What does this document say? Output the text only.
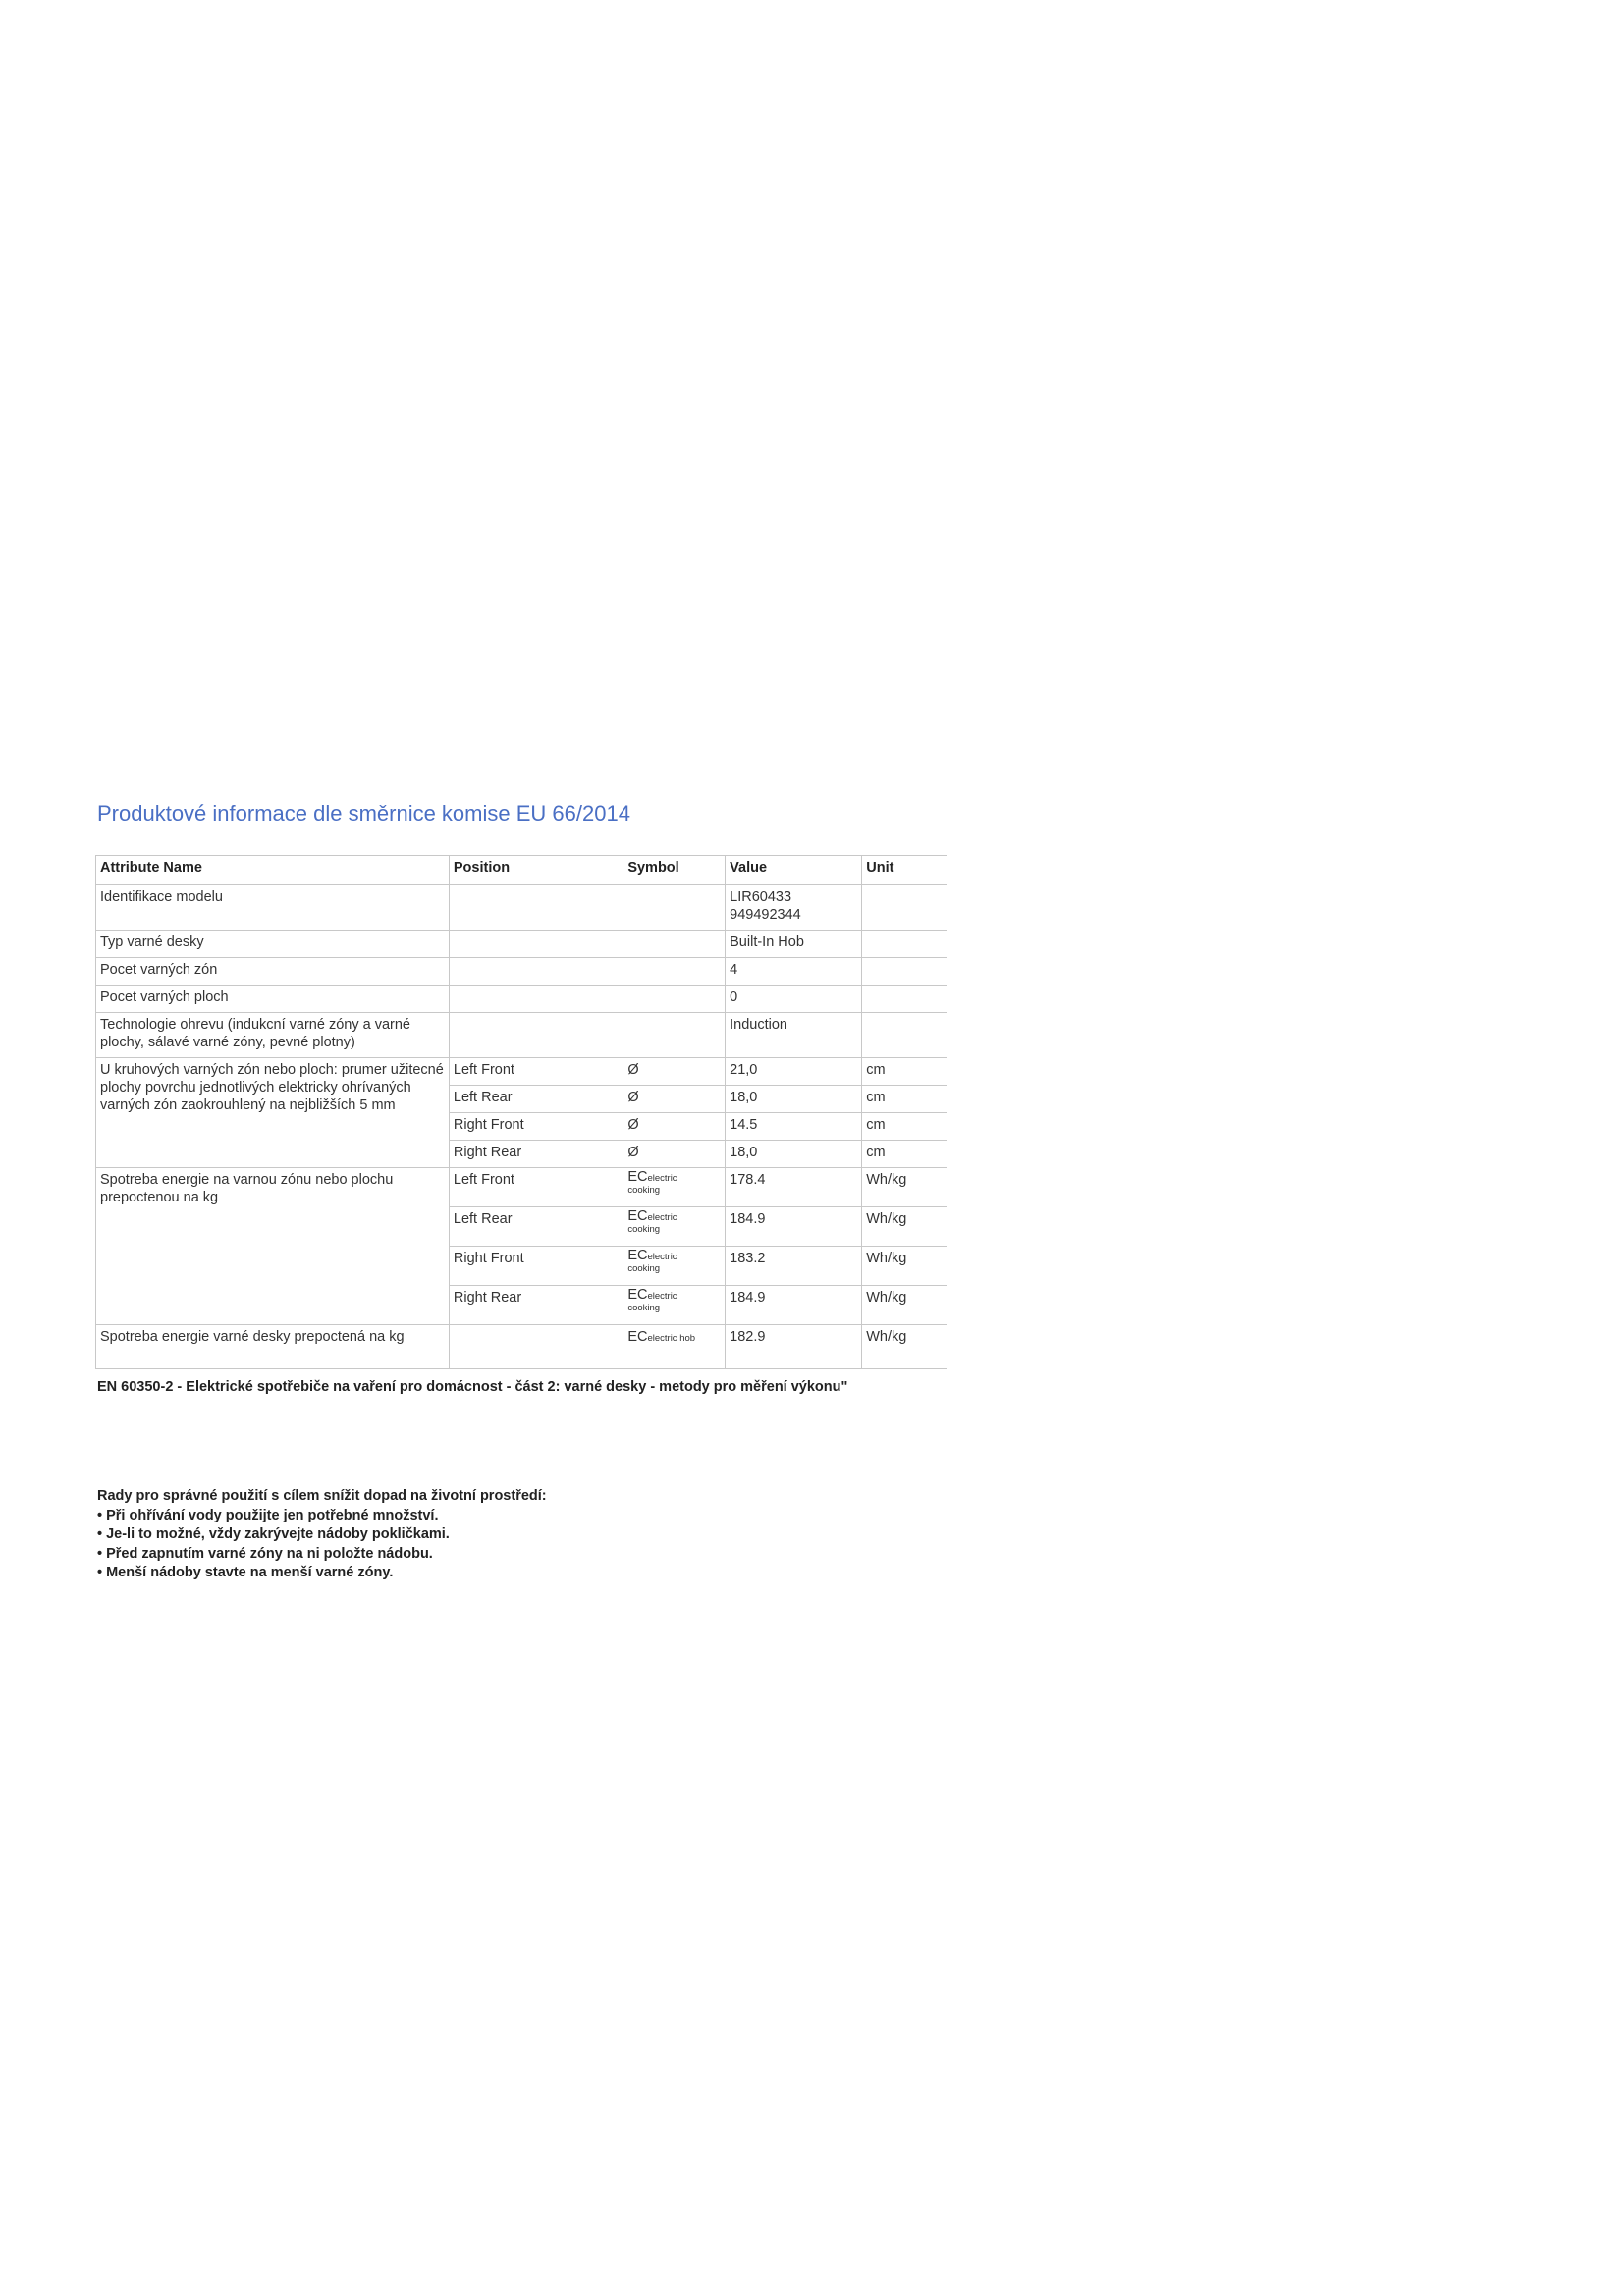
Produktové informace dle směrnice komise EU 66/2014
Attribute Name	Position	Symbol	Value	Unit
Identifikace modelu			LIR60433
949492344	

Typ varné desky			Built-In Hob	
Pocet varných zón			4	
Pocet varných ploch			0	
Technologie ohrevu (indukcní varné zóny a varné plochy, sálavé varné zóny, pevné plotny)			Induction	
U kruhových varných zón nebo ploch: prumer užitecné plochy povrchu jednotlivých elektricky ohrívaných varných zón zaokrouhlený na nejbližších 5 mm	Left Front	Ø	21,0	cm
	Left Rear	Ø	18,0	cm
	Right Front	Ø	14.5	cm
	Right Rear	Ø	18,0	cm
Spotreba energie na varnou zónu nebo plochu prepoctenou na kg	Left Front	ECelectric
cooking	178.4	Wh/kg
	Left Rear	ECelectric
cooking	184.9	Wh/kg
	Right Front	ECelectric
cooking	183.2	Wh/kg
	Right Rear	ECelectric
cooking	184.9	Wh/kg
Spotreba energie varné desky prepoctená na kg		ECelectric hob	182.9	Wh/kg
EN 60350-2 - Elektrické spotřebiče na vaření pro domácnost - část 2: varné desky - metody pro měření výkonu"
Rady pro správné použití s cílem snížit dopad na životní prostředí:
• Při ohřívání vody použijte jen potřebné množství.
• Je-li to možné, vždy zakrývejte nádoby pokličkami.
• Před zapnutím varné zóny na ni položte nádobu.
• Menší nádoby stavte na menší varné zóny.
